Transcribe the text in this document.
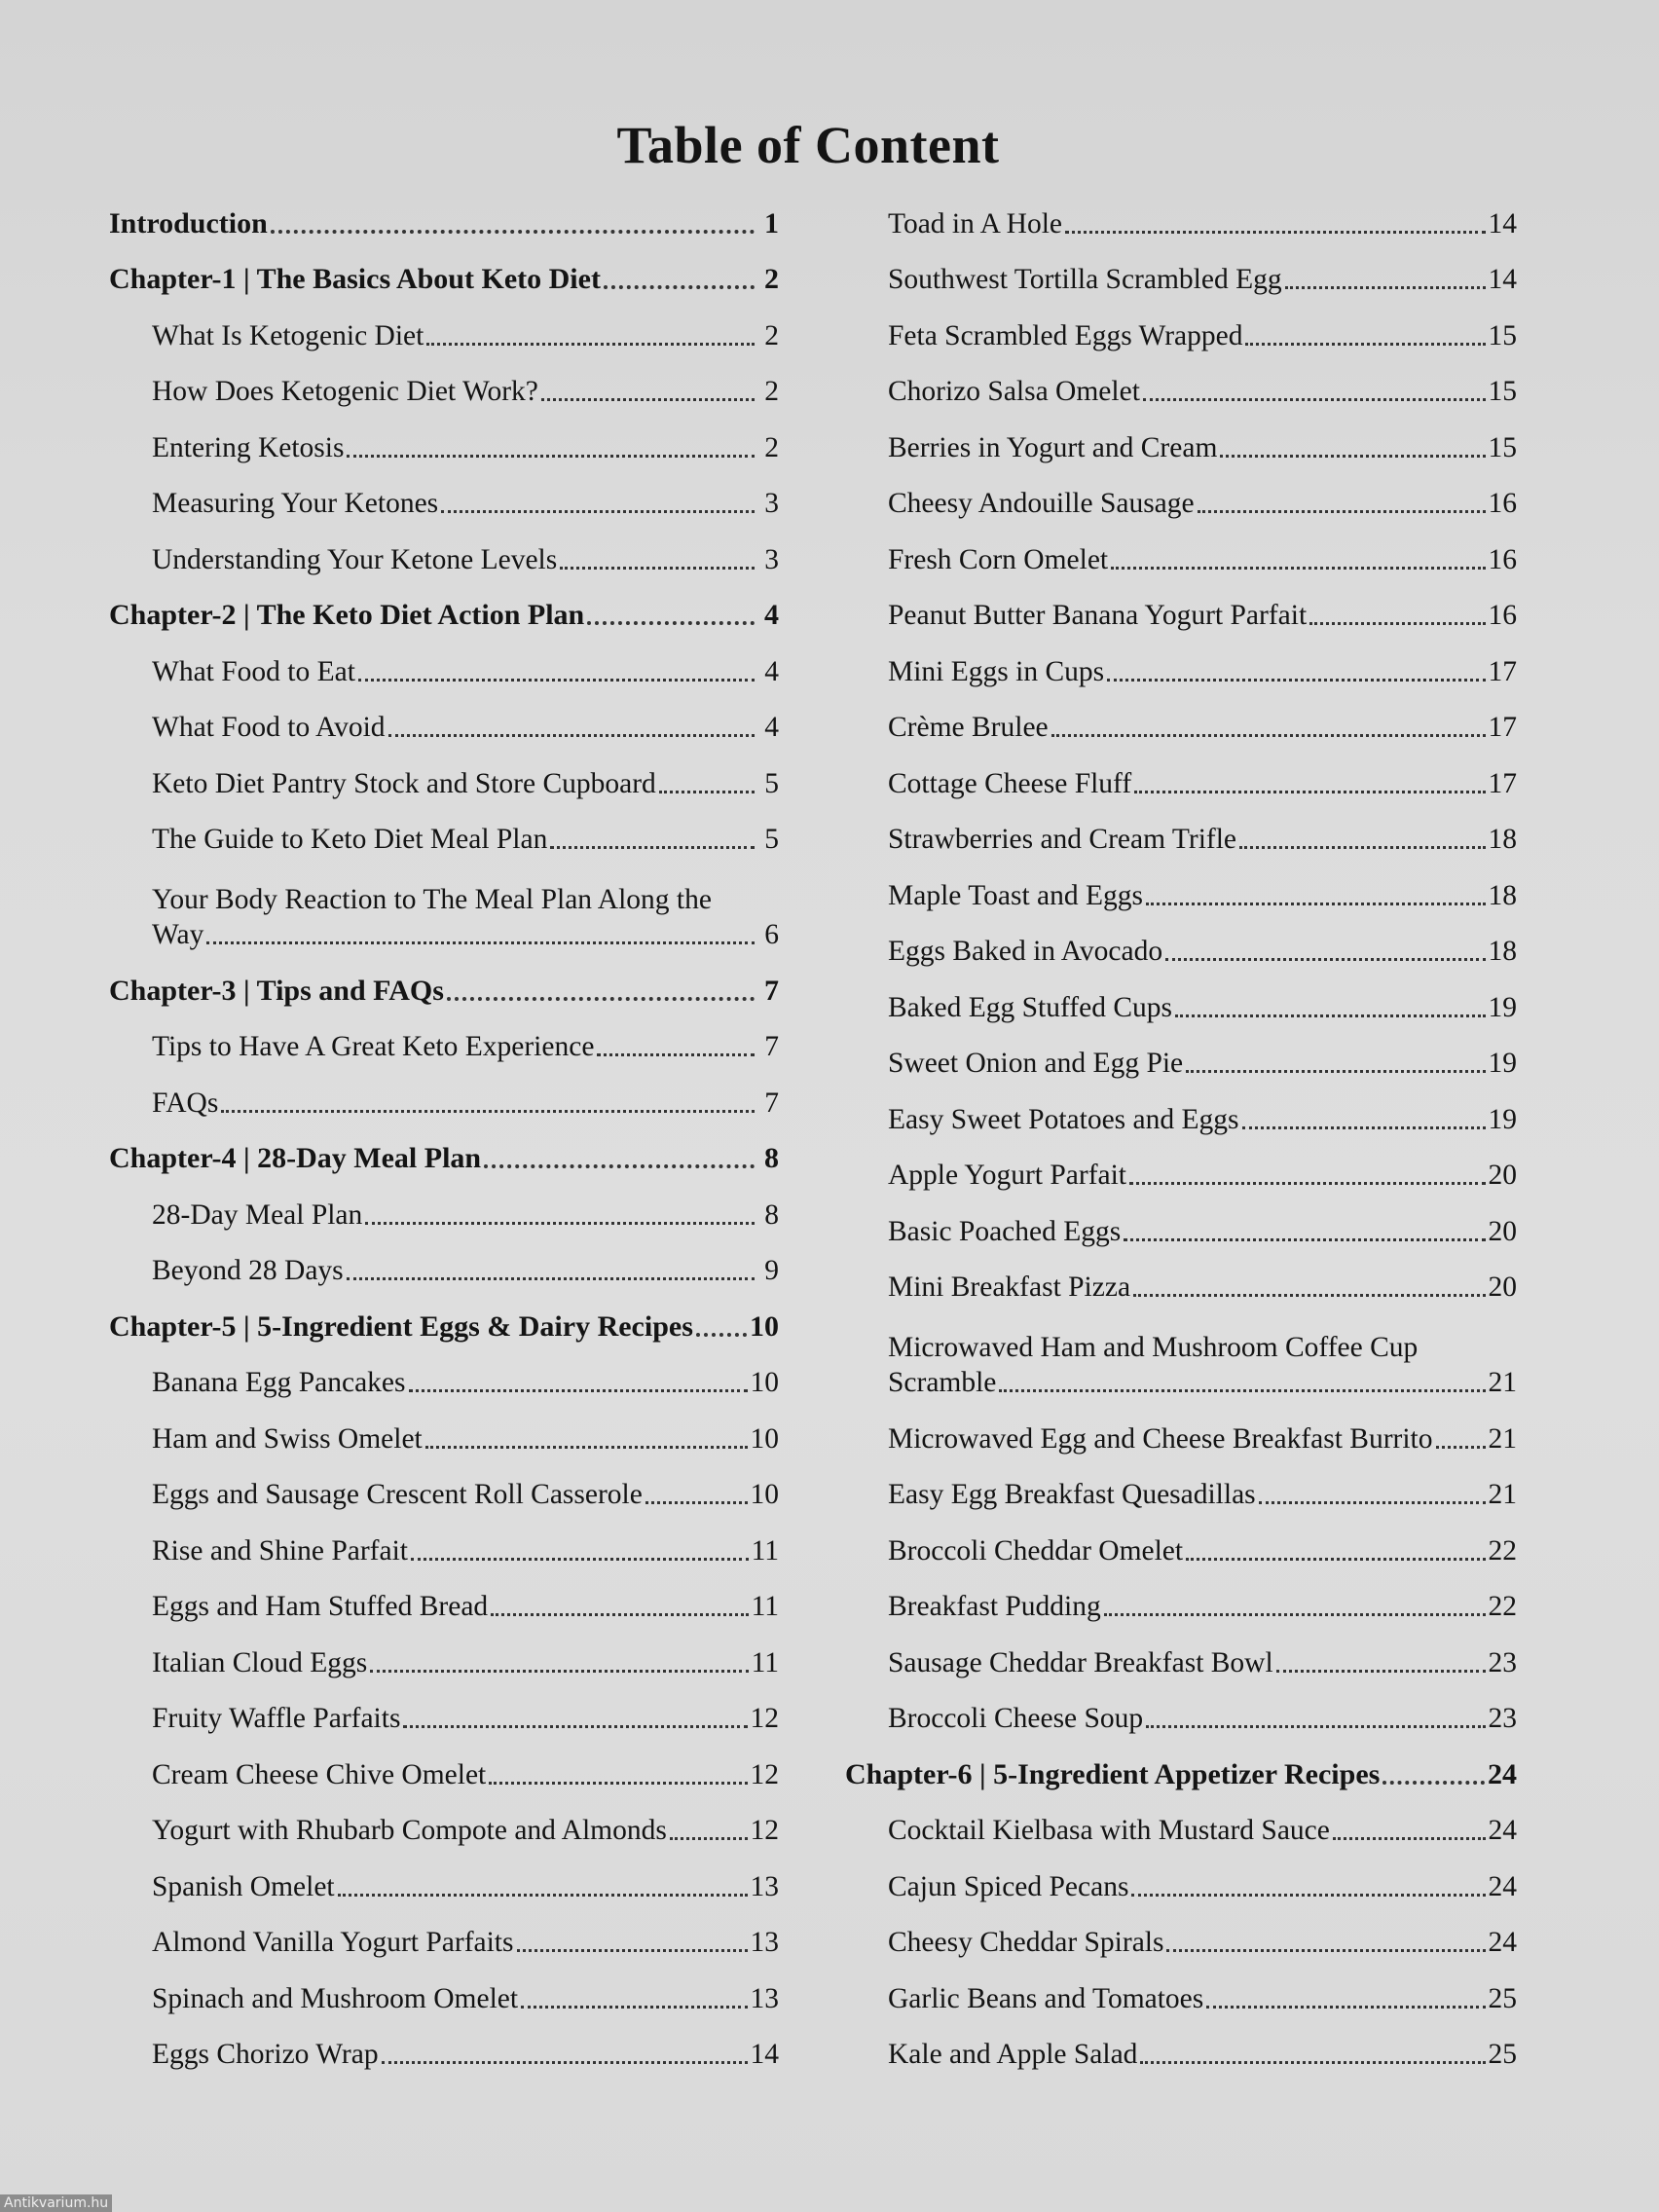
Table of Content
Introduction	1
Chapter-1 | The Basics About Keto Diet	2
What Is Ketogenic Diet	2
How Does Ketogenic Diet Work?	2
Entering Ketosis	2
Measuring Your Ketones	3
Understanding Your Ketone Levels	3
Chapter-2 | The Keto Diet Action Plan	4
What Food to Eat	4
What Food to Avoid	4
Keto Diet Pantry Stock and Store Cupboard	5
The Guide to Keto Diet Meal Plan	5
Your Body Reaction to The Meal Plan Along the
Way	6
Chapter-3 | Tips and FAQs	7
Tips to Have A Great Keto Experience	7
FAQs	7
Chapter-4 | 28-Day Meal Plan	8
28-Day Meal Plan	8
Beyond 28 Days	9
Chapter-5 | 5-Ingredient Eggs & Dairy Recipes 10
Banana Egg Pancakes	10
Ham and Swiss Omelet	10
Eggs and Sausage Crescent Roll Casserole	10
Rise and Shine Parfait	11
Eggs and Ham Stuffed Bread	11
Italian Cloud Eggs	11
Fruity Waffle Parfaits	12
Cream Cheese Chive Omelet	12
Yogurt with Rhubarb Compote and Almonds	12
Spanish Omelet	13
Almond Vanilla Yogurt Parfaits	13
Spinach and Mushroom Omelet	13
Eggs Chorizo Wrap	14
Toad in A Hole	14
Southwest Tortilla Scrambled Egg	14
Feta Scrambled Eggs Wrapped	15
Chorizo Salsa Omelet	15
Berries in Yogurt and Cream	15
Cheesy Andouille Sausage	16
Fresh Corn Omelet	16
Peanut Butter Banana Yogurt Parfait	16
Mini Eggs in Cups	17
Crème Brulee	17
Cottage Cheese Fluff	17
Strawberries and Cream Trifle	18
Maple Toast and Eggs	18
Eggs Baked in Avocado	18
Baked Egg Stuffed Cups	19
Sweet Onion and Egg Pie	19
Easy Sweet Potatoes and Eggs	19
Apple Yogurt Parfait	20
Basic Poached Eggs	20
Mini Breakfast Pizza	20
Microwaved Ham and Mushroom Coffee Cup
Scramble	21
Microwaved Egg and Cheese Breakfast Burrito 21
Easy Egg Breakfast Quesadillas	21
Broccoli Cheddar Omelet	22
Breakfast Pudding	22
Sausage Cheddar Breakfast Bowl	23
Broccoli Cheese Soup	23
Chapter-6 | 5-Ingredient Appetizer Recipes	24
Cocktail Kielbasa with Mustard Sauce	24
Cajun Spiced Pecans	24
Cheesy Cheddar Spirals	24
Garlic Beans and Tomatoes	25
Kale and Apple Salad	25
Antikvarium.hu
